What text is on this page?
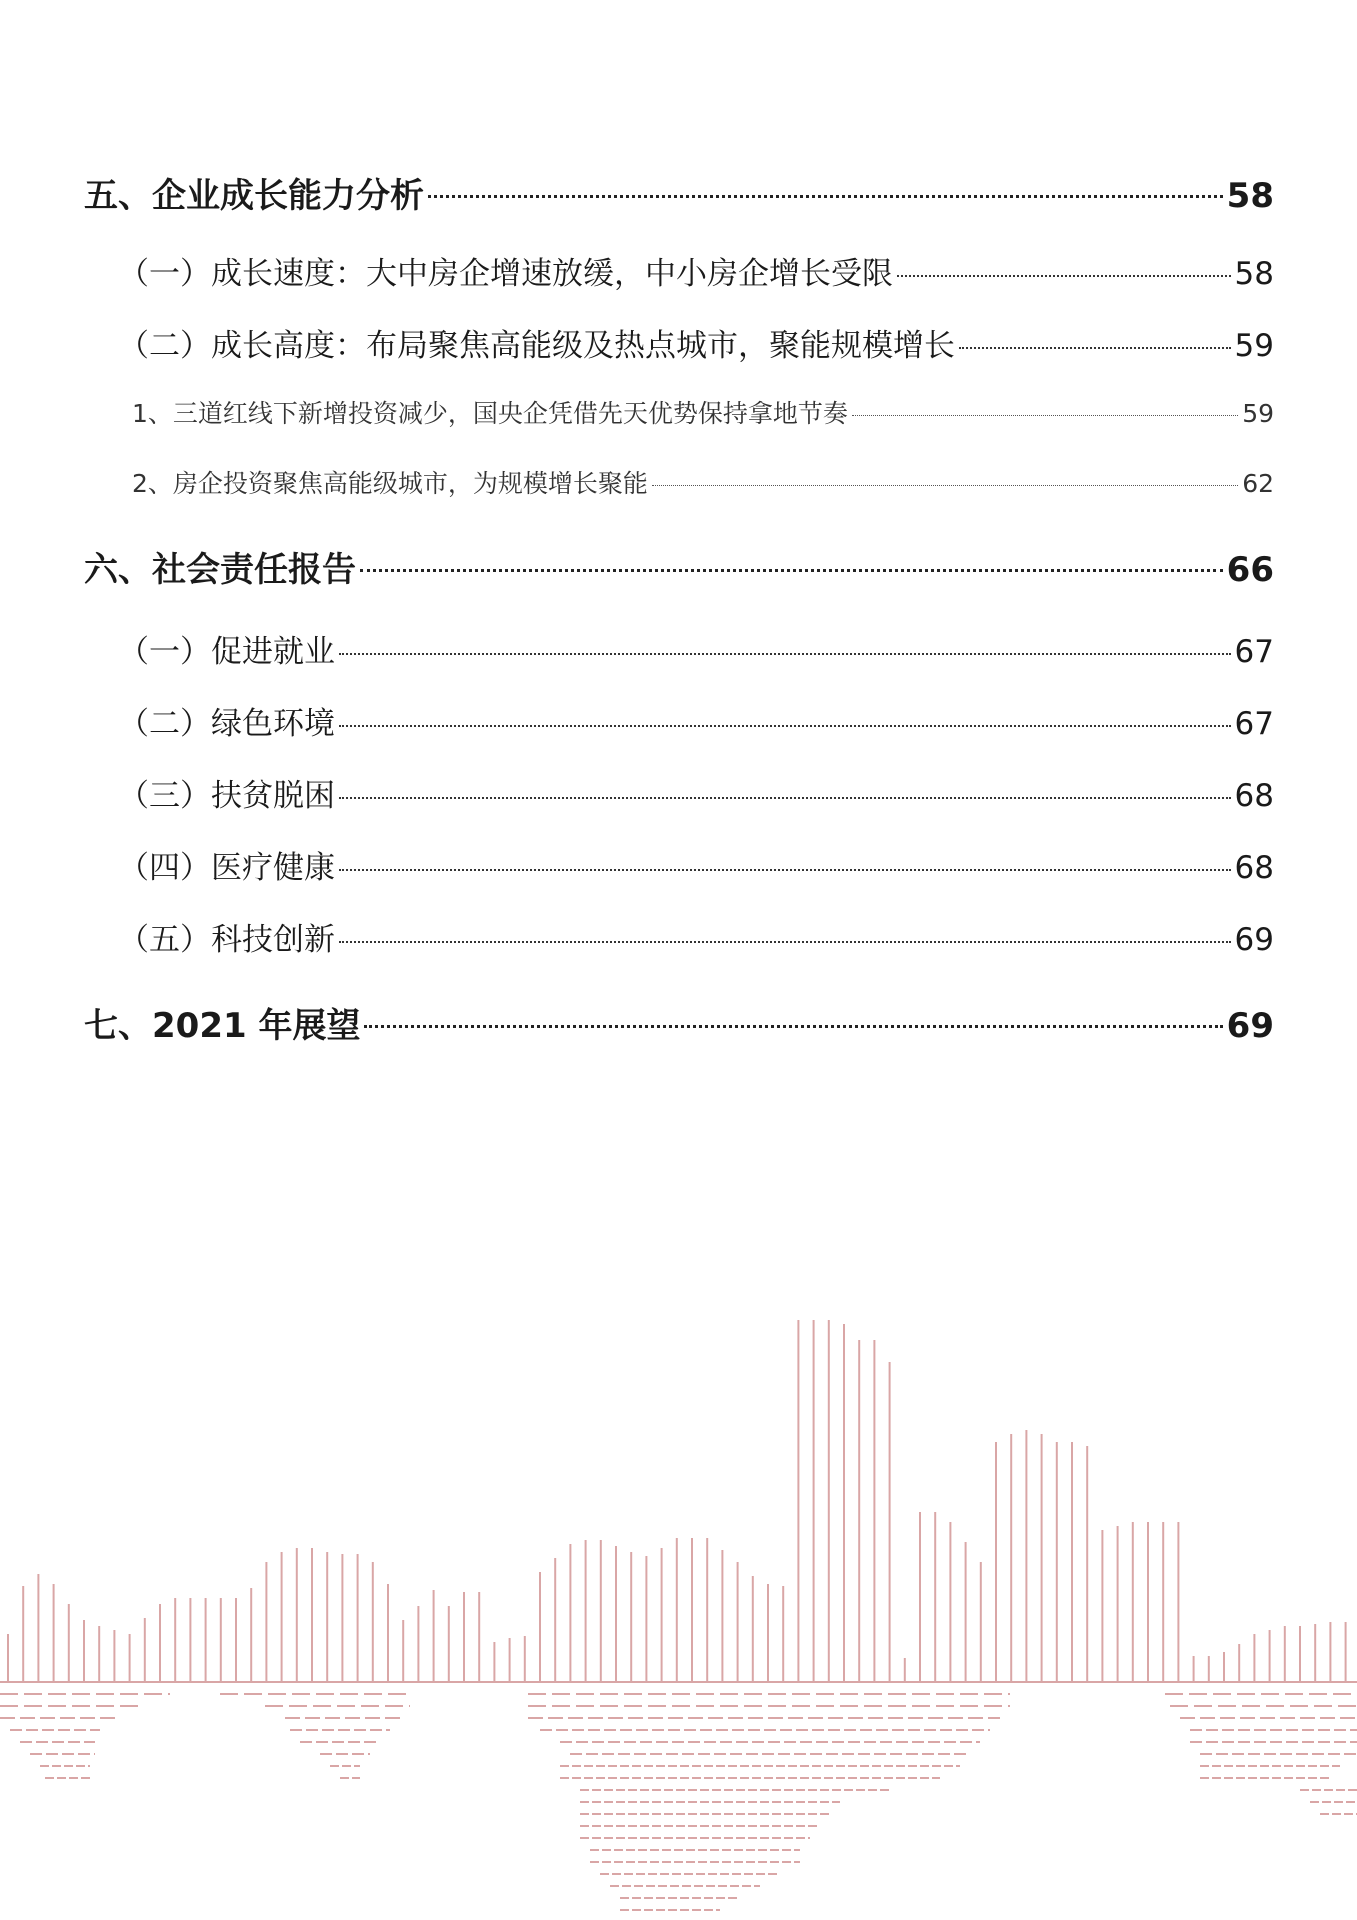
五、企业成长能力分析	58
（一）成长速度：大中房企增速放缓，中小房企增长受限	58
（二）成长高度：布局聚焦高能级及热点城市，聚能规模增长	59
1、三道红线下新增投资减少，国央企凭借先天优势保持拿地节奏	59
2、房企投资聚焦高能级城市，为规模增长聚能	62
六、社会责任报告	66
（一）促进就业	67
（二）绿色环境	67
（三）扶贫脱困	68
（四）医疗健康	68
（五）科技创新	69
七、2021 年展望	69
